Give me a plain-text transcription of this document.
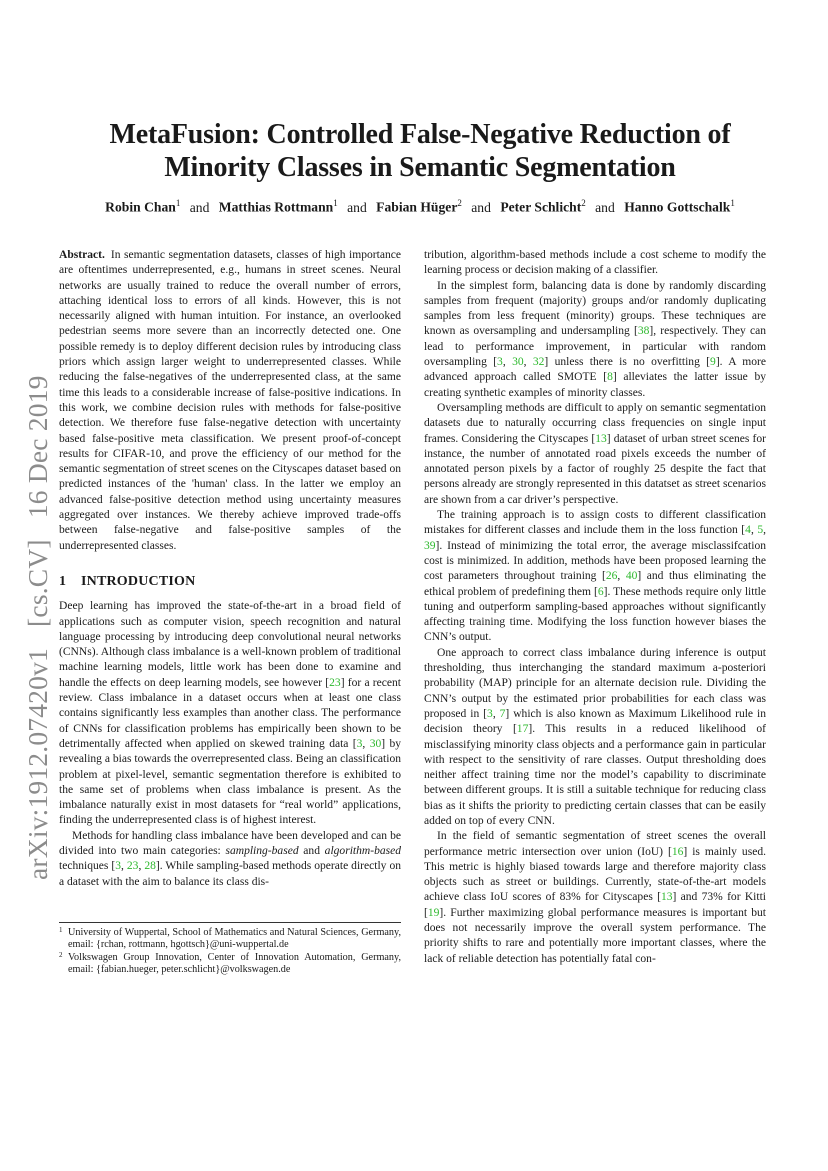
arXiv:1912.07420v1 [cs.CV] 16 Dec 2019
MetaFusion: Controlled False-Negative Reduction of
Minority Classes in Semantic Segmentation
Robin Chan$^1$ and Matthias Rottmann$^1$ and Fabian Hüger$^2$ and Peter Schlicht$^2$ and Hanno Gottschalk$^1$

Abstract. In semantic segmentation datasets, classes of high importance are oftentimes underrepresented, e.g., humans in street scenes. Neural networks are usually trained to reduce the overall number of errors, attaching identical loss to errors of all kinds. However, this is not necessarily aligned with human intuition. For instance, an overlooked pedestrian seems more severe than an incorrectly detected one. One possible remedy is to deploy different decision rules by introducing class priors which assign larger weight to underrepresented classes. While reducing the false-negatives of the underrepresented class, at the same time this leads to a considerable increase of false-positive indications. In this work, we combine decision rules with methods for false-positive detection. We therefore fuse false-negative detection with uncertainty based false-positive meta classification. We present proof-of-concept results for CIFAR-10, and prove the efficiency of our method for the semantic segmentation of street scenes on the Cityscapes dataset based on predicted instances of the 'human' class. In the latter we employ an advanced false-positive detection method using uncertainty measures aggregated over instances. We thereby achieve improved trade-offs between false-negative and false-positive samples of the underrepresented classes.

1 INTRODUCTION

Deep learning has improved the state-of-the-art in a broad field of applications such as computer vision, speech recognition and natural language processing by introducing deep convolutional neural networks (CNNs). Although class imbalance is a well-known problem of traditional machine learning models, little work has been done to examine and handle the effects on deep learning models, see however [23] for a recent review. Class imbalance in a dataset occurs when at least one class contains significantly less examples than another class. The performance of CNNs for classification problems has empirically been shown to be detrimentally affected when applied on skewed training data [3, 30] by revealing a bias towards the overrepresented class. Being an classification problem at pixel-level, semantic segmentation therefore is exhibited to the same set of problems when class imbalance is present. As the imbalance naturally exist in most datasets for “real world” applications, finding the underrepresented class is of highest interest.

Methods for handling class imbalance have been developed and can be divided into two main categories: sampling-based and algorithm-based techniques [3, 23, 28]. While sampling-based methods operate directly on a dataset with the aim to balance its class dis-

1 University of Wuppertal, School of Mathematics and Natural Sciences, Germany, email: {rchan, rottmann, hgottsch}@uni-wuppertal.de
2 Volkswagen Group Innovation, Center of Innovation Automation, Germany, email: {fabian.hueger, peter.schlicht}@volkswagen.de

tribution, algorithm-based methods include a cost scheme to modify the learning process or decision making of a classifier.

In the simplest form, balancing data is done by randomly discarding samples from frequent (majority) groups and/or randomly duplicating samples from less frequent (minority) groups. These techniques are known as oversampling and undersampling [38], respectively. They can lead to performance improvement, in particular with random oversampling [3, 30, 32] unless there is no overfitting [9]. A more advanced approach called SMOTE [8] alleviates the latter issue by creating synthetic examples of minority classes.

Oversampling methods are difficult to apply on semantic segmentation datasets due to naturally occurring class frequencies on single input frames. Considering the Cityscapes [13] dataset of urban street scenes for instance, the number of annotated road pixels exceeds the number of annotated person pixels by a factor of roughly 25 despite the fact that persons already are strongly represented in this datatset as street scenarios are shown from a car driver’s perspective.

The training approach is to assign costs to different classification mistakes for different classes and include them in the loss function [4, 5, 39]. Instead of minimizing the total error, the average misclassifcation cost is minimized. In addition, methods have been proposed learning the cost parameters throughout training [26, 40] and thus eliminating the ethical problem of predefining them [6]. These methods require only little tuning and outperform sampling-based approaches without significantly affecting training time. Modifying the loss function however biases the CNN’s output.

One approach to correct class imbalance during inference is output thresholding, thus interchanging the standard maximum a-posteriori probability (MAP) principle for an alternate decision rule. Dividing the CNN’s output by the estimated prior probabilities for each class was proposed in [3, 7] which is also known as Maximum Likelihood rule in decision theory [17]. This results in a reduced likelihood of misclassifying minority class objects and a performance gain in particular with respect to the sensitivity of rare classes. Output thresholding does neither affect training time nor the model’s capability to discriminate between different groups. It is still a suitable technique for reducing class bias as it shifts the priority to predicting certain classes that can be easily added on top of every CNN.

In the field of semantic segmentation of street scenes the overall performance metric intersection over union (IoU) [16] is mainly used. This metric is highly biased towards large and therefore majority class objects such as street or buildings. Currently, state-of-the-art models achieve class IoU scores of 83% for Cityscapes [13] and 73% for Kitti [19]. Further maximizing global performance measures is important but does not necessarily improve the overall system performance. The priority shifts to rare and potentially more important classes, where the lack of reliable detection has potentially fatal con-
